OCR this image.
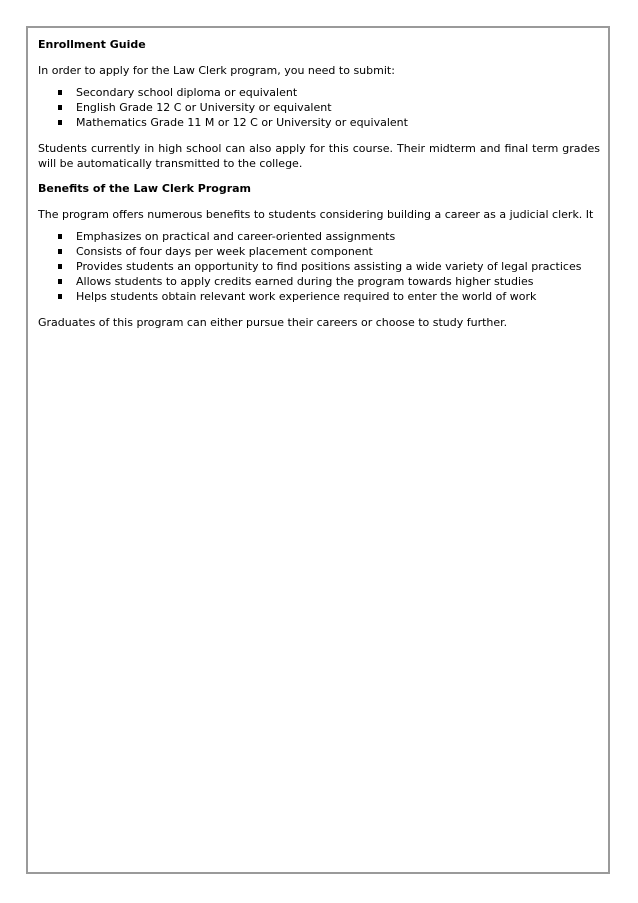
Enrollment Guide

In order to apply for the Law Clerk program, you need to submit:

Secondary school diploma or equivalent
English Grade 12 C or University or equivalent
Mathematics Grade 11 M or 12 C or University or equivalent

Students currently in high school can also apply for this course. Their midterm and final term grades will be automatically transmitted to the college.

Benefits of the Law Clerk Program

The program offers numerous benefits to students considering building a career as a judicial clerk. It

Emphasizes on practical and career-oriented assignments
Consists of four days per week placement component
Provides students an opportunity to find positions assisting a wide variety of legal practices
Allows students to apply credits earned during the program towards higher studies
Helps students obtain relevant work experience required to enter the world of work

Graduates of this program can either pursue their careers or choose to study further.
